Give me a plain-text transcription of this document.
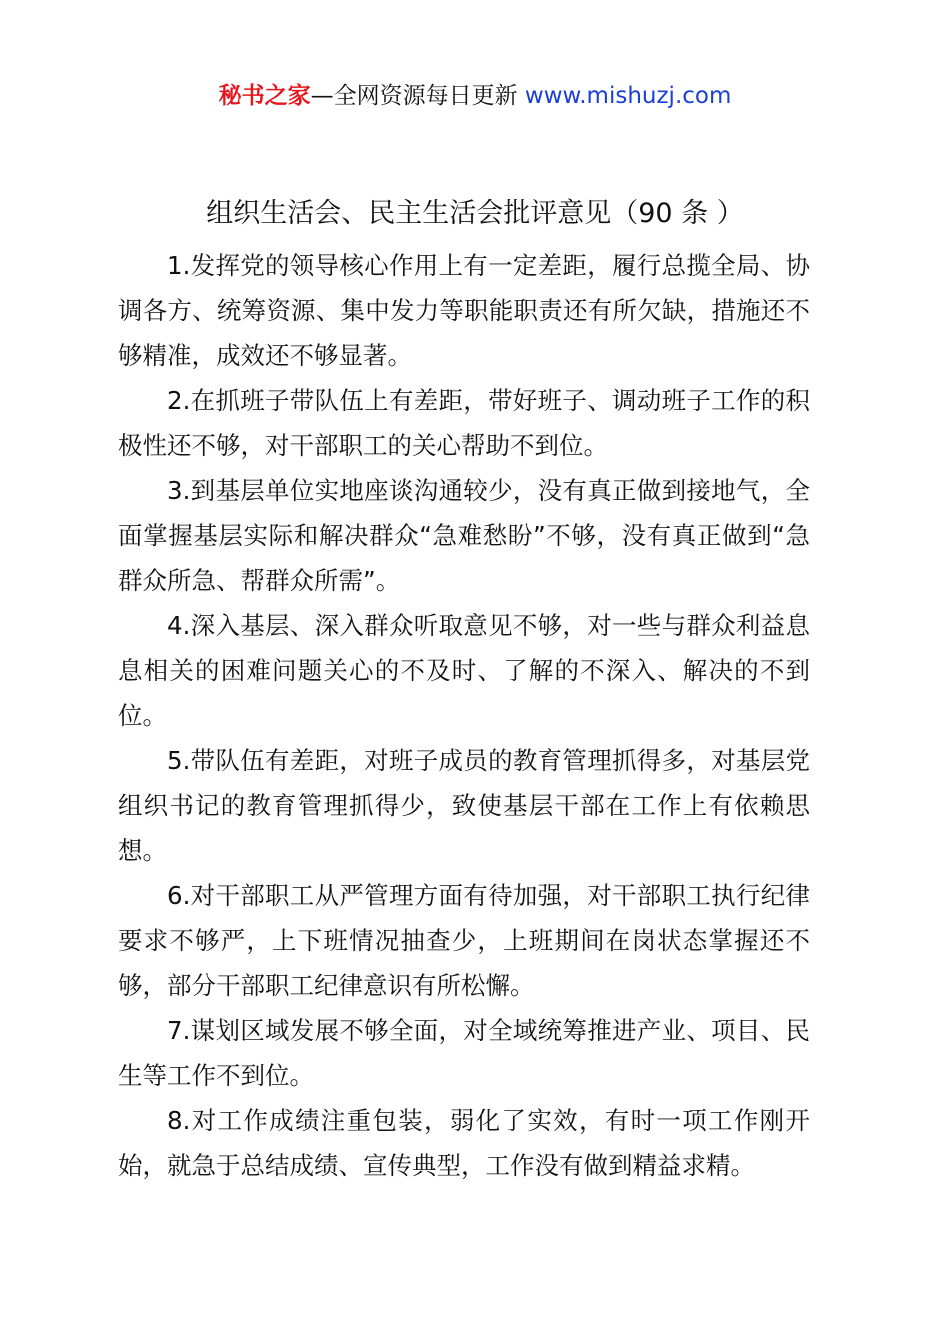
秘书之家—全网资源每日更新 www.mishuzj.com
组织生活会、民主生活会批评意见（90 条 ）

1.发挥党的领导核心作用上有一定差距，履行总揽全局、协调各方、统筹资源、集中发力等职能职责还有所欠缺，措施还不够精准，成效还不够显著。

2.在抓班子带队伍上有差距，带好班子、调动班子工作的积极性还不够，对干部职工的关心帮助不到位。

3.到基层单位实地座谈沟通较少，没有真正做到接地气，全面掌握基层实际和解决群众“急难愁盼”不够，没有真正做到“急群众所急、帮群众所需”。

4.深入基层、深入群众听取意见不够，对一些与群众利益息息相关的困难问题关心的不及时、了解的不深入、解决的不到位。

5.带队伍有差距，对班子成员的教育管理抓得多，对基层党组织书记的教育管理抓得少，致使基层干部在工作上有依赖思想。

6.对干部职工从严管理方面有待加强，对干部职工执行纪律要求不够严，上下班情况抽查少，上班期间在岗状态掌握还不够，部分干部职工纪律意识有所松懈。

7.谋划区域发展不够全面，对全域统筹推进产业、项目、民生等工作不到位。

8.对工作成绩注重包装，弱化了实效，有时一项工作刚开始，就急于总结成绩、宣传典型，工作没有做到精益求精。
